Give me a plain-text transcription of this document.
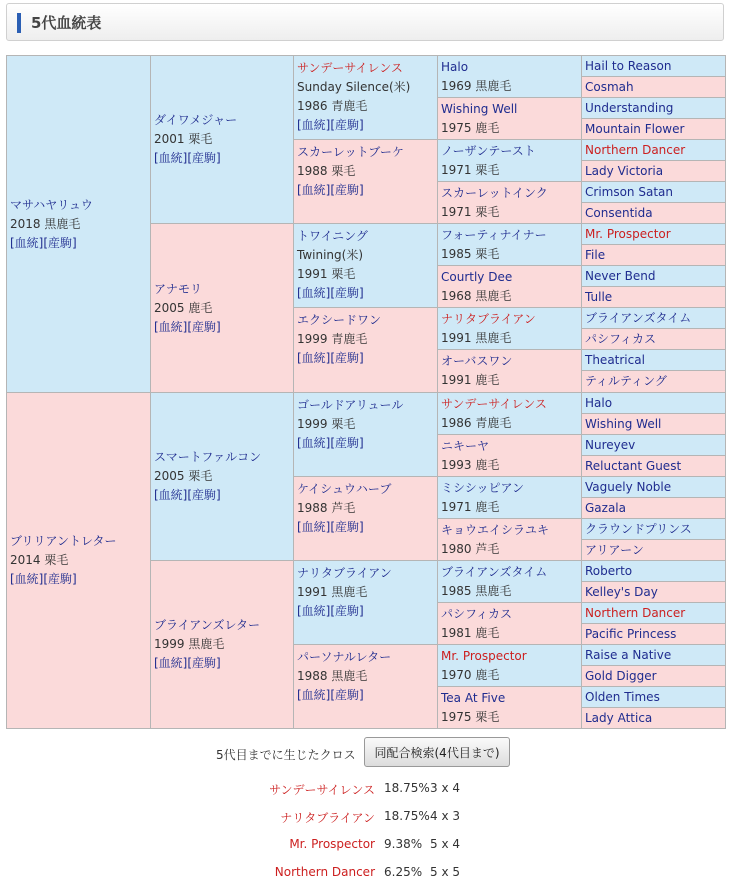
5代血統表
マサハヤリュウ
2018 黒鹿毛
[血統][産駒]
ブリリアントレター
2014 栗毛
[血統][産駒]
ダイワメジャー
2001 栗毛
[血統][産駒]
アナモリ
2005 鹿毛
[血統][産駒]
スマートファルコン
2005 栗毛
[血統][産駒]
ブライアンズレター
1999 黒鹿毛
[血統][産駒]
サンデーサイレンス
Sunday Silence(米)
1986 青鹿毛
[血統][産駒]
スカーレットブーケ
1988 栗毛
[血統][産駒]
トワイニング
Twining(米)
1991 栗毛
[血統][産駒]
エクシードワン
1999 青鹿毛
[血統][産駒]
ゴールドアリュール
1999 栗毛
[血統][産駒]
ケイシュウハーブ
1988 芦毛
[血統][産駒]
ナリタブライアン
1991 黒鹿毛
[血統][産駒]
パーソナルレター
1988 黒鹿毛
[血統][産駒]
Halo
1969 黒鹿毛
Wishing Well
1975 鹿毛
ノーザンテースト
1971 栗毛
スカーレットインク
1971 栗毛
フォーティナイナー
1985 栗毛
Courtly Dee
1968 黒鹿毛
ナリタブライアン
1991 黒鹿毛
オーバスワン
1991 鹿毛
サンデーサイレンス
1986 青鹿毛
ニキーヤ
1993 鹿毛
ミシシッピアン
1971 鹿毛
キョウエイシラユキ
1980 芦毛
ブライアンズタイム
1985 黒鹿毛
パシフィカス
1981 鹿毛
Mr. Prospector
1970 鹿毛
Tea At Five
1975 栗毛
Hail to Reason
Cosmah
Understanding
Mountain Flower
Northern Dancer
Lady Victoria
Crimson Satan
Consentida
Mr. Prospector
File
Never Bend
Tulle
ブライアンズタイム
パシフィカス
Theatrical
ティルティング
Halo
Wishing Well
Nureyev
Reluctant Guest
Vaguely Noble
Gazala
クラウンドプリンス
アリアーン
Roberto
Kelley's Day
Northern Dancer
Pacific Princess
Raise a Native
Gold Digger
Olden Times
Lady Attica
5代目までに生じたクロス	同配合検索(4代目まで)
サンデーサイレンス 18.75% 3 x 4
ナリタブライアン 18.75% 4 x 3
Mr. Prospector 9.38% 5 x 4
Northern Dancer 6.25% 5 x 5
